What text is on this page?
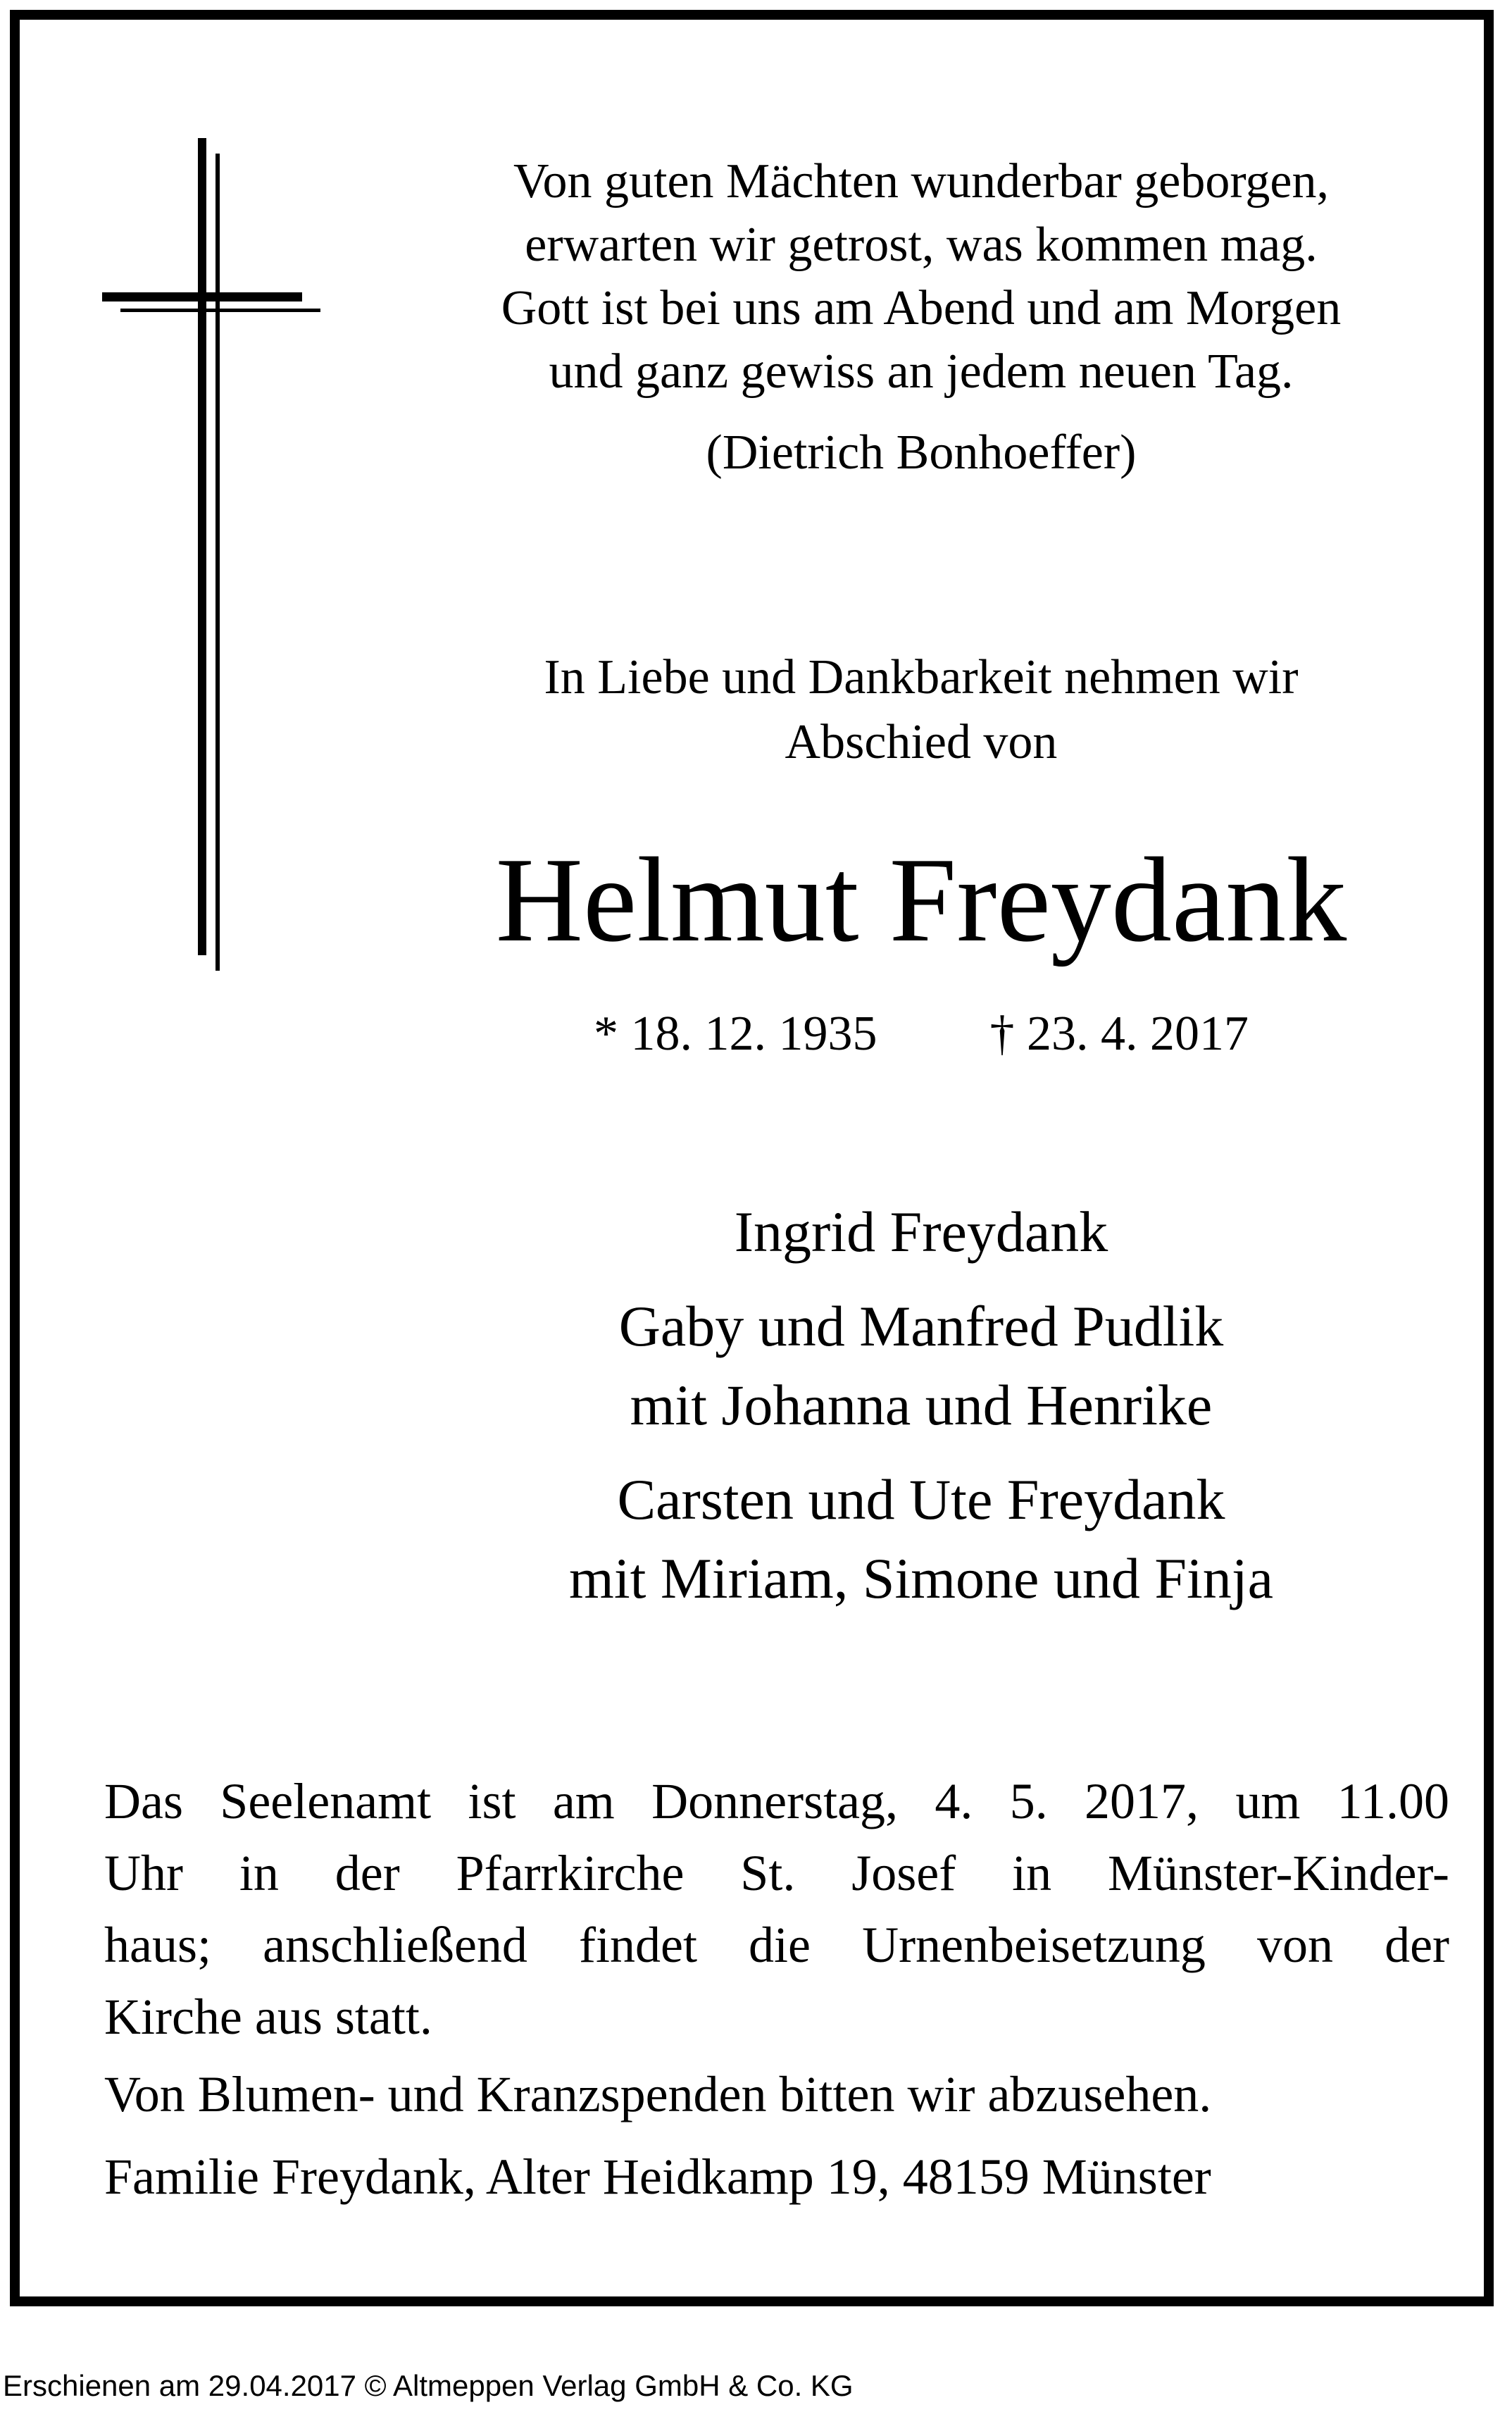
Von guten Mächten wunderbar geborgen,
erwarten wir getrost, was kommen mag.
Gott ist bei uns am Abend und am Morgen
und ganz gewiss an jedem neuen Tag.
(Dietrich Bonhoeffer)
In Liebe und Dankbarkeit nehmen wir
Abschied von
Helmut Freydank
* 18. 12. 1935 † 23. 4. 2017
Ingrid Freydank
Gaby und Manfred Pudlik
mit Johanna und Henrike
Carsten und Ute Freydank
mit Miriam, Simone und Finja
Das Seelenamt ist am Donnerstag, 4. 5. 2017, um 11.00
Uhr in der Pfarrkirche St. Josef in Münster-Kinder-
haus; anschließend findet die Urnenbeisetzung von der
Kirche aus statt.
Von Blumen- und Kranzspenden bitten wir abzusehen.
Familie Freydank, Alter Heidkamp 19, 48159 Münster
Erschienen am 29.04.2017 © Altmeppen Verlag GmbH & Co. KG
